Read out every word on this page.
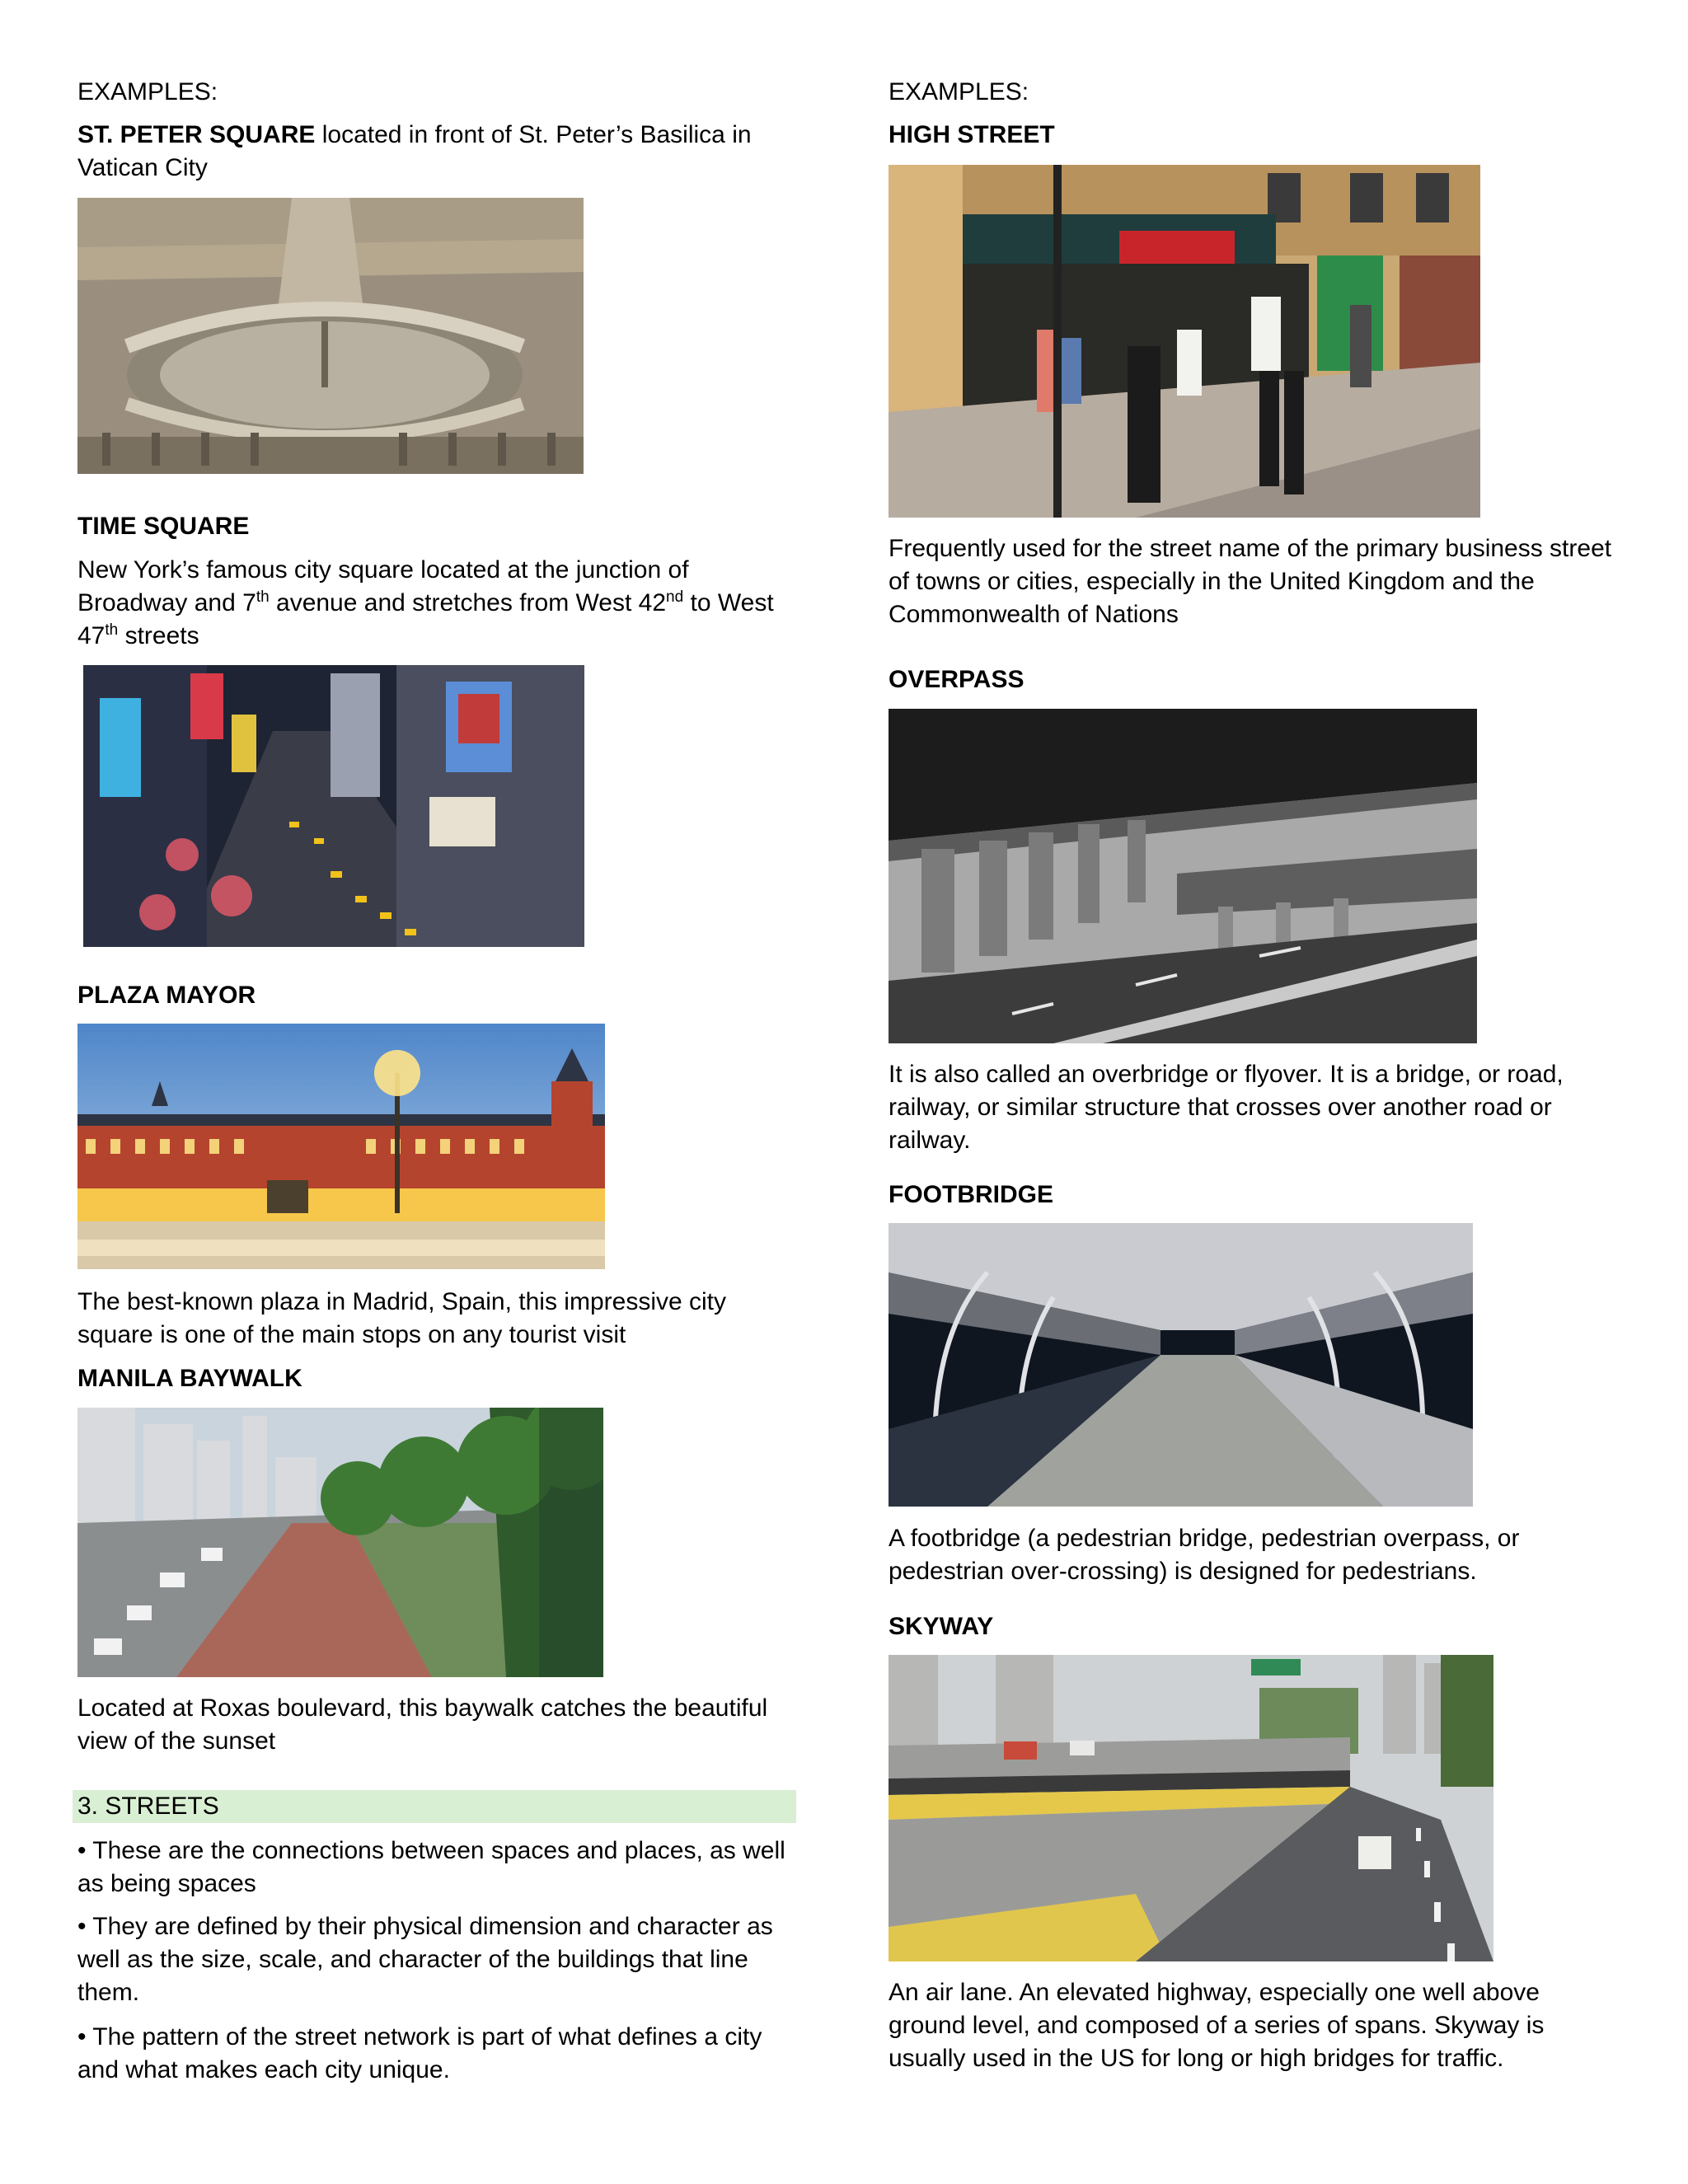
EXAMPLES:

ST. PETER SQUARE located in front of St. Peter’s Basilica in Vatican City

TIME SQUARE

New York’s famous city square located at the junction of Broadway and 7th avenue and stretches from West 42nd to West 47th streets

PLAZA MAYOR

The best-known plaza in Madrid, Spain, this impressive city square is one of the main stops on any tourist visit

MANILA BAYWALK

Located at Roxas boulevard, this baywalk catches the beautiful view of the sunset

3. STREETS

• These are the connections between spaces and places, as well as being spaces

• They are defined by their physical dimension and character as well as the size, scale, and character of the buildings that line them.

• The pattern of the street network is part of what defines a city and what makes each city unique.

EXAMPLES:

HIGH STREET

Frequently used for the street name of the primary business street of towns or cities, especially in the United Kingdom and the Commonwealth of Nations

OVERPASS

It is also called an overbridge or flyover. It is a bridge, or road, railway, or similar structure that crosses over another road or railway.

FOOTBRIDGE

A footbridge (a pedestrian bridge, pedestrian overpass, or pedestrian over-crossing) is designed for pedestrians.

SKYWAY

An air lane. An elevated highway, especially one well above ground level, and composed of a series of spans. Skyway is usually used in the US for long or high bridges for traffic.
